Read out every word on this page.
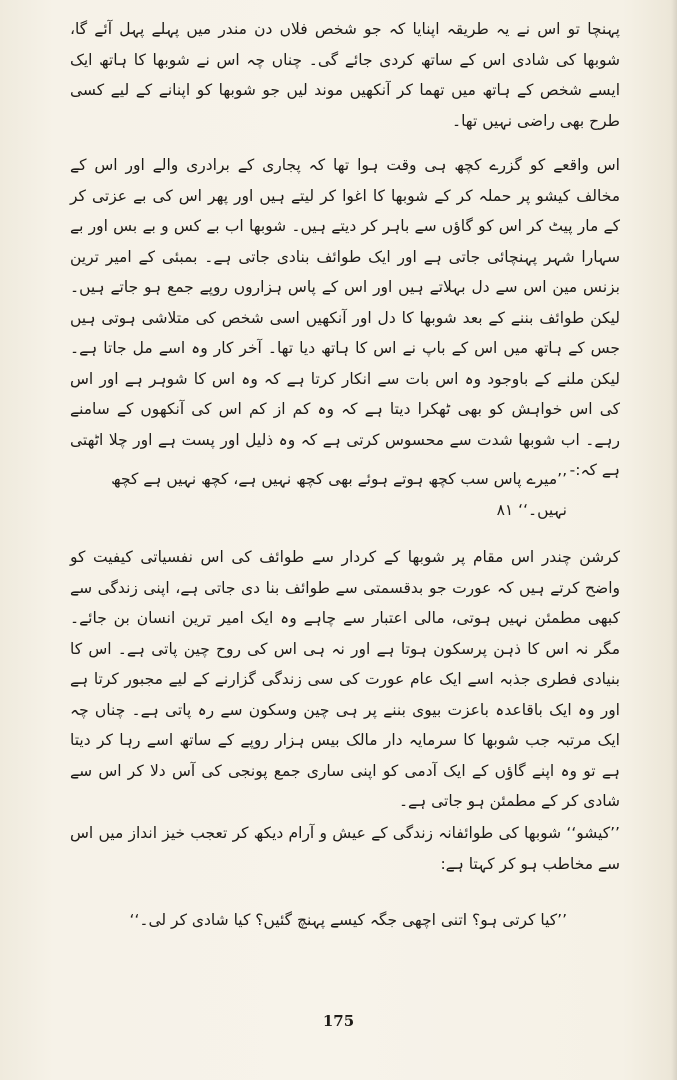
پہنچا تو اس نے یہ طریقہ اپنایا کہ جو شخص فلاں دن مندر میں پہلے پہل آئے گا، شوبھا کی شادی اس کے ساتھ کردی جائے گی۔ چناں چہ اس نے شوبھا کا ہاتھ ایک ایسے شخص کے ہاتھ میں تھما کر آنکھیں موند لیں جو شوبھا کو اپنانے کے لیے کسی طرح بھی راضی نہیں تھا۔
اس واقعے کو گزرے کچھ ہی وقت ہوا تھا کہ پجاری کے برادری والے اور اس کے مخالف کیشو پر حملہ کر کے شوبھا کا اغوا کر لیتے ہیں اور پھر اس کی بے عزتی کر کے مار پیٹ کر اس کو گاؤں سے باہر کر دیتے ہیں۔ شوبھا اب بے کس و بے بس اور بے سہارا شہر پہنچائی جاتی ہے اور ایک طوائف بنادی جاتی ہے۔ بمبئی کے امیر ترین بزنس مین اس سے دل بہلاتے ہیں اور اس کے پاس ہزاروں روپے جمع ہو جاتے ہیں۔ لیکن طوائف بننے کے بعد شوبھا کا دل اور آنکھیں اسی شخص کی متلاشی ہوتی ہیں جس کے ہاتھ میں اس کے باپ نے اس کا ہاتھ دیا تھا۔ آخر کار وہ اسے مل جاتا ہے۔ لیکن ملنے کے باوجود وہ اس بات سے انکار کرتا ہے کہ وہ اس کا شوہر ہے اور اس کی اس خواہش کو بھی ٹھکرا دیتا ہے کہ وہ کم از کم اس کی آنکھوں کے سامنے رہے۔ اب شوبھا شدت سے محسوس کرتی ہے کہ وہ ذلیل اور پست ہے اور چلا اٹھتی ہے کہ:-
’’میرے پاس سب کچھ ہوتے ہوئے بھی کچھ نہیں ہے، کچھ نہیں ہے کچھ نہیں۔‘‘ ۸۱
کرشن چندر اس مقام پر شوبھا کے کردار سے طوائف کی اس نفسیاتی کیفیت کو واضح کرتے ہیں کہ عورت جو بدقسمتی سے طوائف بنا دی جاتی ہے، اپنی زندگی سے کبھی مطمئن نہیں ہوتی، مالی اعتبار سے چاہے وہ ایک امیر ترین انسان بن جائے۔ مگر نہ اس کا ذہن پرسکون ہوتا ہے اور نہ ہی اس کی روح چین پاتی ہے۔ اس کا بنیادی فطری جذبہ اسے ایک عام عورت کی سی زندگی گزارنے کے لیے مجبور کرتا ہے اور وہ ایک باقاعدہ باعزت بیوی بننے پر ہی چین وسکون سے رہ پاتی ہے۔ چناں چہ ایک مرتبہ جب شوبھا کا سرمایہ دار مالک بیس ہزار روپے کے ساتھ اسے رہا کر دیتا ہے تو وہ اپنے گاؤں کے ایک آدمی کو اپنی ساری جمع پونجی کی آس دلا کر اس سے شادی کر کے مطمئن ہو جاتی ہے۔
’’کیشو‘‘ شوبھا کی طوائفانہ زندگی کے عیش و آرام دیکھ کر تعجب خیز انداز میں اس سے مخاطب ہو کر کہتا ہے:
’’کیا کرتی ہو؟ اتنی اچھی جگہ کیسے پہنچ گئیں؟ کیا شادی کر لی۔‘‘
175
